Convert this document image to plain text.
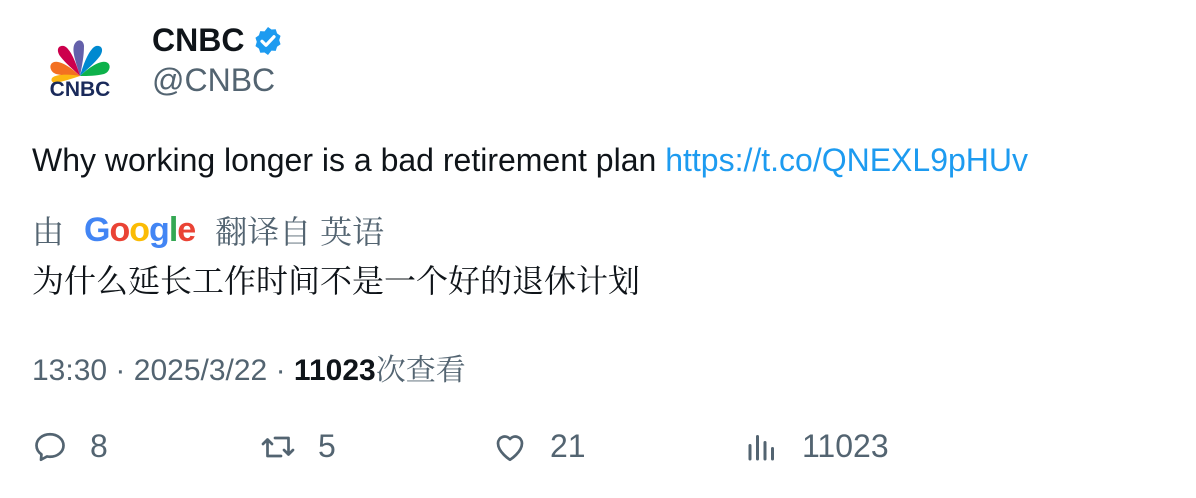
CNBC
CNBC
@CNBC
Why working longer is a bad retirement plan https://t.co/QNEXL9pHUv
由 Google 翻译自 英语
为什么延长工作时间不是一个好的退休计划
13:30 · 2025/3/22 · 11023次查看
8	5	21	11023
